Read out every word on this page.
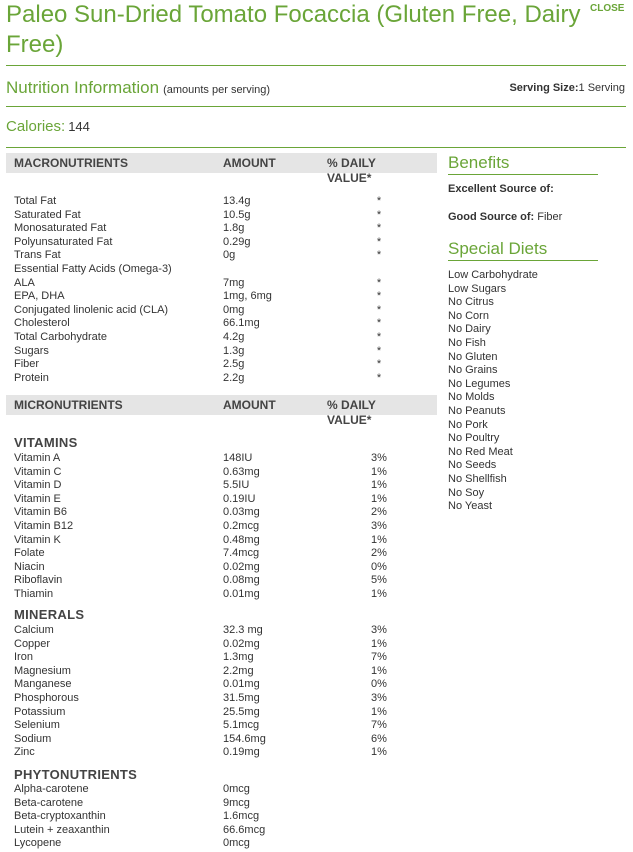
Paleo Sun-Dried Tomato Focaccia (Gluten Free, Dairy Free)
CLOSE
Nutrition Information (amounts per serving)	Serving Size:1 Serving
Calories: 144
MACRONUTRIENTS	AMOUNT	% DAILY VALUE*
Total Fat	13.4g	*
Saturated Fat	10.5g	*
Monosaturated Fat	1.8g	*
Polyunsaturated Fat	0.29g	*
Trans Fat	0g	*
Essential Fatty Acids (Omega-3)
ALA	7mg	*
EPA, DHA	1mg, 6mg	*
Conjugated linolenic acid (CLA)	0mg	*
Cholesterol	66.1mg	*
Total Carbohydrate	4.2g	*
Sugars	1.3g	*
Fiber	2.5g	*
Protein	2.2g	*
MICRONUTRIENTS	AMOUNT	% DAILY VALUE*
VITAMINS
Vitamin A	148IU	3%
Vitamin C	0.63mg	1%
Vitamin D	5.5IU	1%
Vitamin E	0.19IU	1%
Vitamin B6	0.03mg	2%
Vitamin B12	0.2mcg	3%
Vitamin K	0.48mg	1%
Folate	7.4mcg	2%
Niacin	0.02mg	0%
Riboflavin	0.08mg	5%
Thiamin	0.01mg	1%
MINERALS
Calcium	32.3 mg	3%
Copper	0.02mg	1%
Iron	1.3mg	7%
Magnesium	2.2mg	1%
Manganese	0.01mg	0%
Phosphorous	31.5mg	3%
Potassium	25.5mg	1%
Selenium	5.1mcg	7%
Sodium	154.6mg	6%
Zinc	0.19mg	1%
PHYTONUTRIENTS
Alpha-carotene	0mcg
Beta-carotene	9mcg
Beta-cryptoxanthin	1.6mcg
Lutein + zeaxanthin	66.6mcg
Lycopene	0mcg
Benefits
Excellent Source of:
Good Source of: Fiber
Special Diets
Low Carbohydrate
Low Sugars
No Citrus
No Corn
No Dairy
No Fish
No Gluten
No Grains
No Legumes
No Molds
No Peanuts
No Pork
No Poultry
No Red Meat
No Seeds
No Shellfish
No Soy
No Yeast
